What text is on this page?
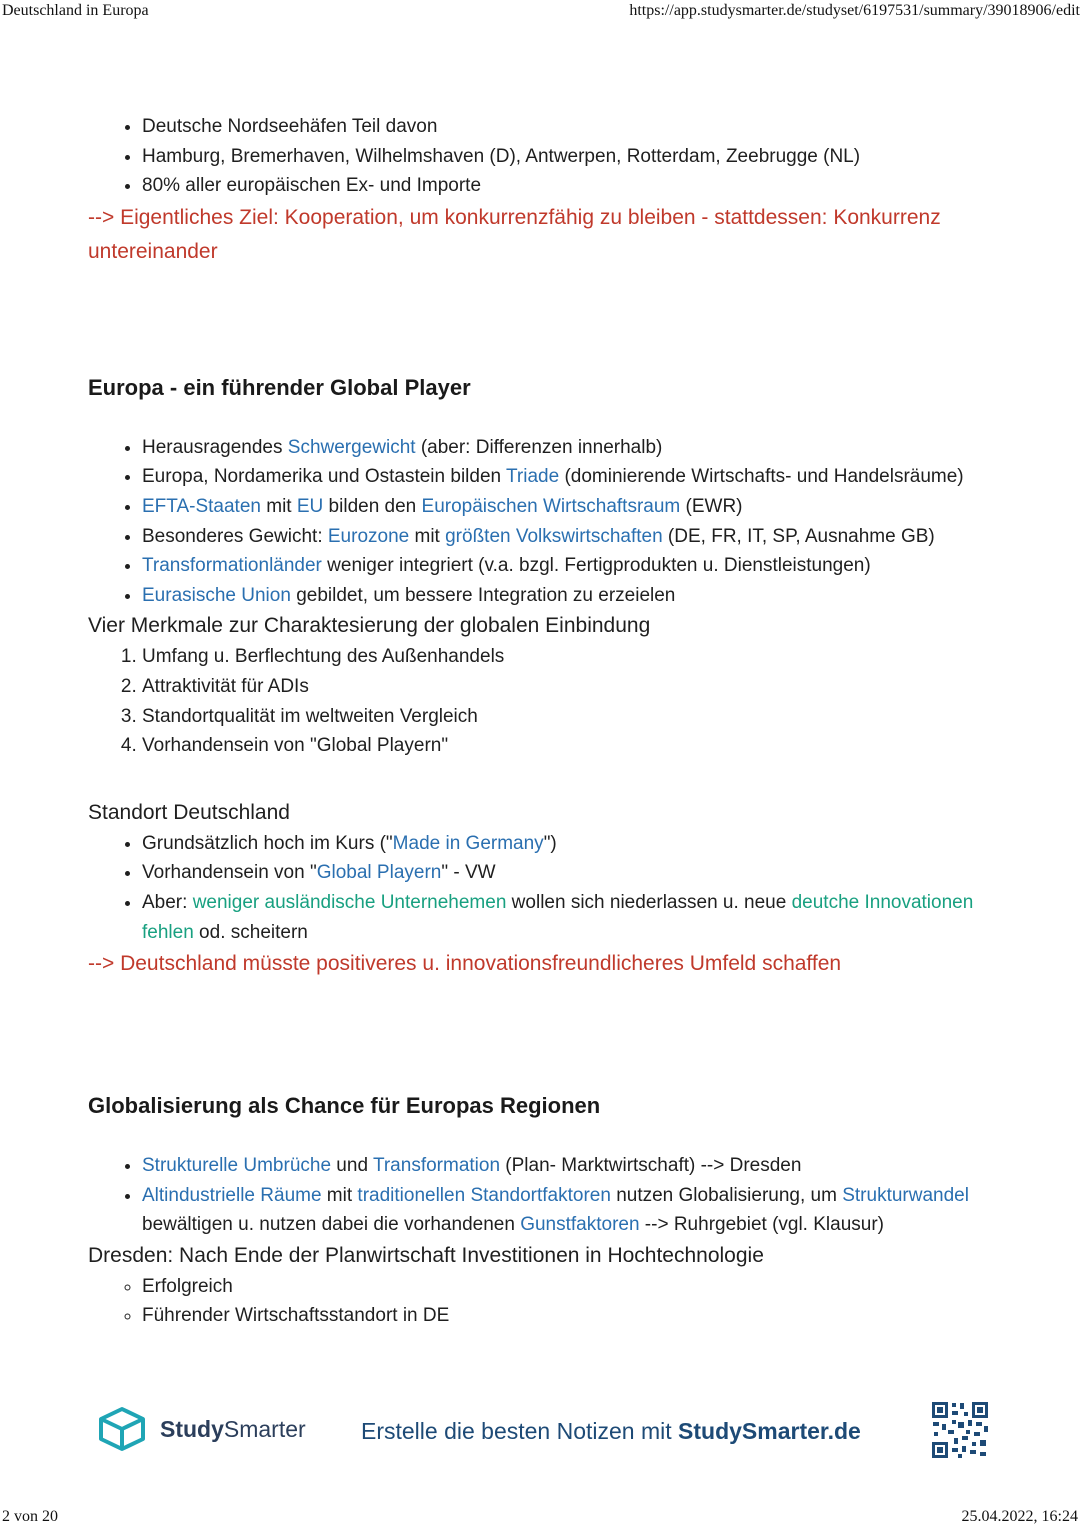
Deutschland in Europa	https://app.studysmarter.de/studyset/6197531/summary/39018906/edit
• Deutsche Nordseehäfen Teil davon
• Hamburg, Bremerhaven, Wilhelmshaven (D), Antwerpen, Rotterdam, Zeebrugge (NL)
• 80% aller europäischen Ex- und Importe
--> Eigentliches Ziel: Kooperation, um konkurrenzfähig zu bleiben - stattdessen: Konkurrenz untereinander
Europa - ein führender Global Player
• Herausragendes Schwergewicht (aber: Differenzen innerhalb)
• Europa, Nordamerika und Ostastein bilden Triade (dominierende Wirtschafts- und Handelsräume)
• EFTA-Staaten mit EU bilden den Europäischen Wirtschaftsraum (EWR)
• Besonderes Gewicht: Eurozone mit größten Volkswirtschaften (DE, FR, IT, SP, Ausnahme GB)
• Transformationländer weniger integriert (v.a. bzgl. Fertigprodukten u. Dienstleistungen)
• Eurasische Union gebildet, um bessere Integration zu erzeielen
Vier Merkmale zur Charaktesierung der globalen Einbindung
1. Umfang u. Berflechtung des Außenhandels
2. Attraktivität für ADIs
3. Standortqualität im weltweiten Vergleich
4. Vorhandensein von "Global Playern"
Standort Deutschland
• Grundsätzlich hoch im Kurs ("Made in Germany")
• Vorhandensein von "Global Playern" - VW
• Aber: weniger ausländische Unternehemen wollen sich niederlassen u. neue deutche Innovationen fehlen od. scheitern
--> Deutschland müsste positiveres u. innovationsfreundlicheres Umfeld schaffen
Globalisierung als Chance für Europas Regionen
• Strukturelle Umbrüche und Transformation (Plan- Marktwirtschaft) --> Dresden
• Altindustrielle Räume mit traditionellen Standortfaktoren nutzen Globalisierung, um Strukturwandel bewältigen u. nutzen dabei die vorhandenen Gunstfaktoren --> Ruhrgebiet (vgl. Klausur)
Dresden: Nach Ende der Planwirtschaft Investitionen in Hochtechnologie
◦ Erfolgreich
◦ Führender Wirtschaftsstandort in DE
StudySmarter Erstelle die besten Notizen mit StudySmarter.de
2 von 20	25.04.2022, 16:24
